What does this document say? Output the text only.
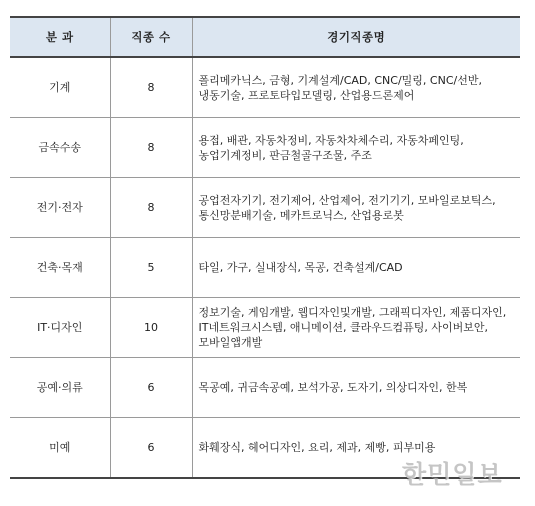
분 과	직종 수	경기직종명
기계	8	폴리메카닉스, 금형, 기계설계/CAD, CNC/밀링, CNC/선반,
냉동기술, 프로토타입모델링, 산업용드론제어

금속수송	8	용접, 배관, 자동차정비, 자동차차체수리, 자동차페인팅,
농업기계정비, 판금철골구조물, 주조

전기·전자	8	공업전자기기, 전기제어, 산업제어, 전기기기, 모바일로보틱스,
통신망분배기술, 메카트로닉스, 산업용로봇

건축·목재	5	타일, 가구, 실내장식, 목공, 건축설계/CAD

IT·디자인	10	정보기술, 게임개발, 웹디자인및개발, 그래픽디자인, 제품디자인,
IT네트워크시스템, 애니메이션, 클라우드컴퓨팅, 사이버보안,
모바일앱개발

공예·의류	6	목공예, 귀금속공예, 보석가공, 도자기, 의상디자인, 한복

미예	6	화훼장식, 헤어디자인, 요리, 제과, 제빵, 피부미용
한민일보
